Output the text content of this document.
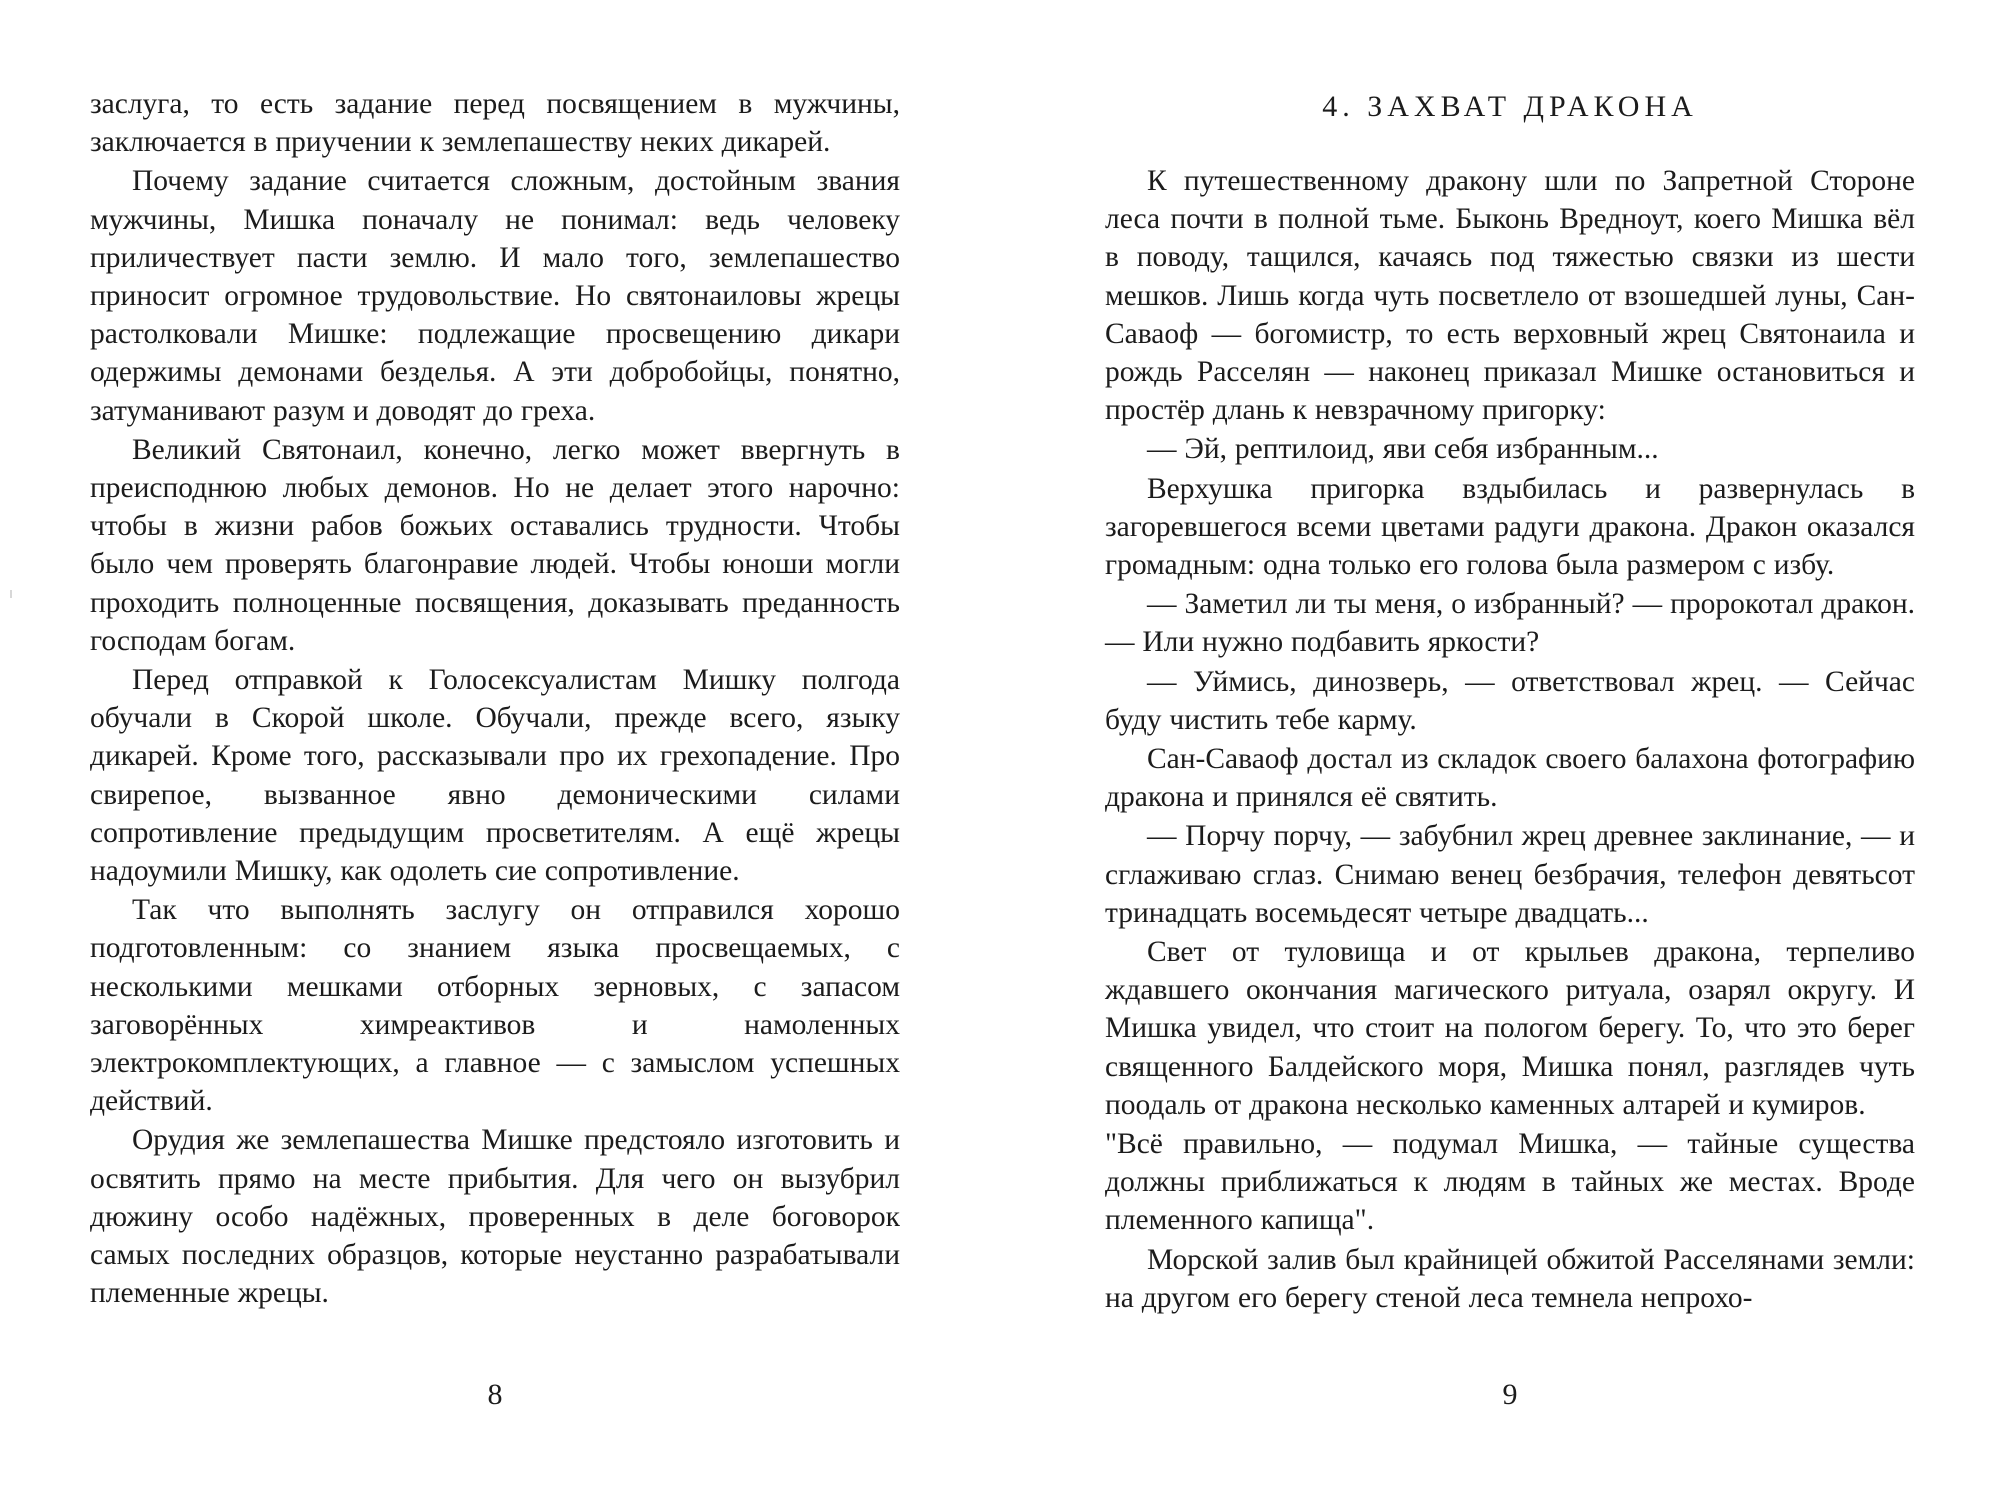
заслуга, то есть задание перед посвящением в мужчины, заключается в приучении к землепашеству неких дикарей.

Почему задание считается сложным, достойным звания мужчины, Мишка поначалу не понимал: ведь человеку приличествует пасти землю. И мало того, землепашество приносит огромное трудовольствие. Но святонаиловы жрецы растолковали Мишке: подлежащие просвещению дикари одержимы демонами безделья. А эти добробойцы, понятно, затуманивают разум и доводят до греха.

Великий Святонаил, конечно, легко может ввергнуть в преисподнюю любых демонов. Но не делает этого нарочно: чтобы в жизни рабов божьих оставались трудности. Чтобы было чем проверять благонравие людей. Чтобы юноши могли проходить полноценные посвящения, доказывать преданность господам богам.

Перед отправкой к Голосексуалистам Мишку полгода обучали в Скорой школе. Обучали, прежде всего, языку дикарей. Кроме того, рассказывали про их грехопадение. Про свирепое, вызванное явно демоническими силами сопротивление предыдущим просветителям. А ещё жрецы надоумили Мишку, как одолеть сие сопротивление.

Так что выполнять заслугу он отправился хорошо подготовленным: со знанием языка просвещаемых, с несколькими мешками отборных зерновых, с запасом заговорённых химреактивов и намоленных электрокомплектующих, а главное — с замыслом успешных действий.

Орудия же землепашества Мишке предстояло изготовить и освятить прямо на месте прибытия. Для чего он вызубрил дюжину особо надёжных, проверенных в деле боговорок самых последних образцов, которые неустанно разрабатывали племенные жрецы.

8
4. ЗАХВАТ ДРАКОНА

К путешественному дракону шли по Запретной Стороне леса почти в полной тьме. Быконь Вредноут, коего Мишка вёл в поводу, тащился, качаясь под тяжестью связки из шести мешков. Лишь когда чуть посветлело от взошедшей луны, Сан-Саваоф — богомистр, то есть верховный жрец Святонаила и рождь Расселян — наконец приказал Мишке остановиться и простёр длань к невзрачному пригорку:

— Эй, рептилоид, яви себя избранным...

Верхушка пригорка вздыбилась и развернулась в загоревшегося всеми цветами радуги дракона. Дракон оказался громадным: одна только его голова была размером с избу.

— Заметил ли ты меня, о избранный? — пророкотал дракон. — Или нужно подбавить яркости?

— Уймись, динозверь, — ответствовал жрец. — Сейчас буду чистить тебе карму.

Сан-Саваоф достал из складок своего балахона фотографию дракона и принялся её святить.

— Порчу порчу, — забубнил жрец древнее заклинание, — и сглаживаю сглаз. Снимаю венец безбрачия, телефон девятьсот тринадцать восемьдесят четыре двадцать...

Свет от туловища и от крыльев дракона, терпеливо ждавшего окончания магического ритуала, озарял округу. И Мишка увидел, что стоит на пологом берегу. То, что это берег священного Балдейского моря, Мишка понял, разглядев чуть поодаль от дракона несколько каменных алтарей и кумиров.

"Всё правильно, — подумал Мишка, — тайные существа должны приближаться к людям в тайных же местах. Вроде племенного капища".

Морской залив был крайницей обжитой Расселянами земли: на другом его берегу стеной леса темнела непрохо-

9
